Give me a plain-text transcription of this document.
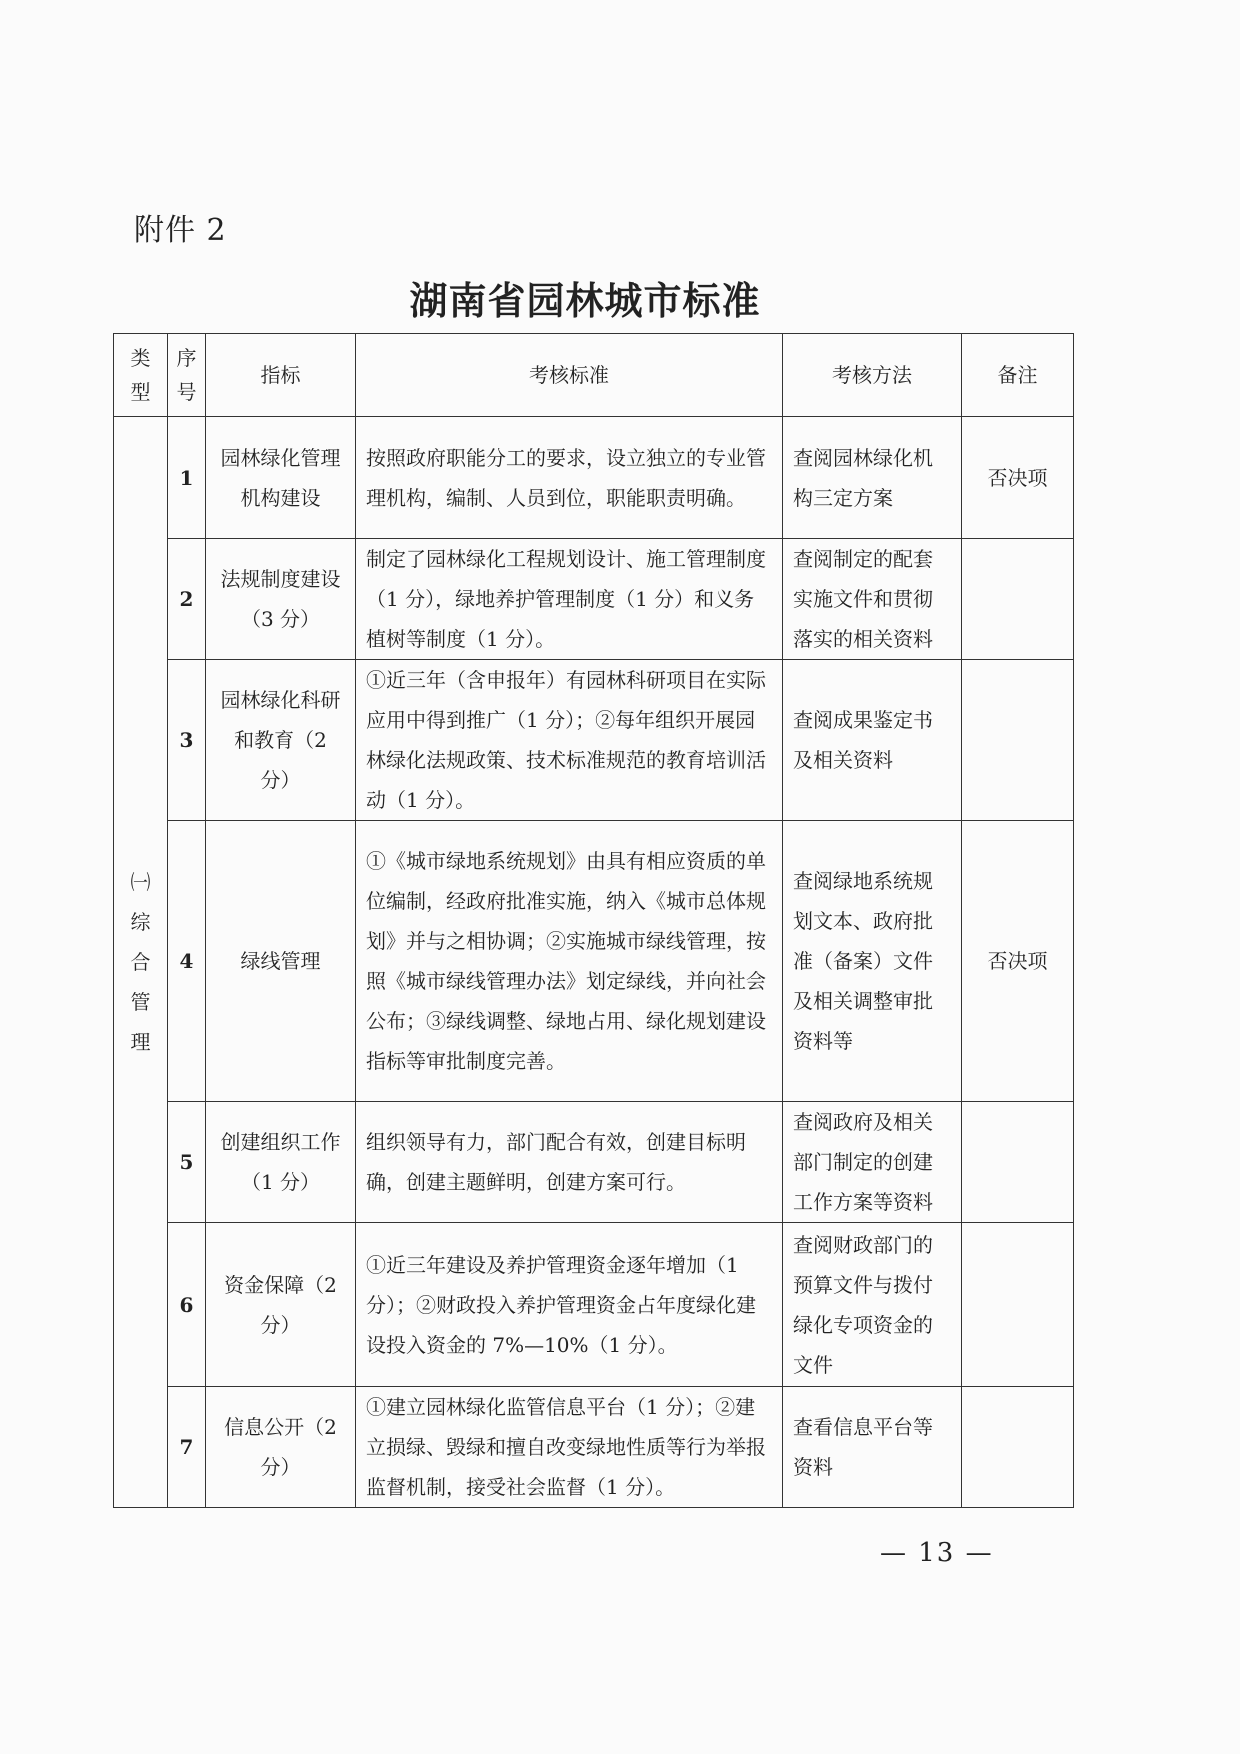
附件 2
湖南省园林城市标准
类型	序号	指标	考核标准	考核方法	备注
㈠综合管理	1	园林绿化管理机构建设	按照政府职能分工的要求，设立独立的专业管理机构，编制、人员到位，职能职责明确。	查阅园林绿化机构三定方案	否决项
	2	法规制度建设（3 分）	制定了园林绿化工程规划设计、施工管理制度（1 分），绿地养护管理制度（1 分）和义务植树等制度（1 分）。	查阅制定的配套实施文件和贯彻落实的相关资料	
	3	园林绿化科研和教育（2 分）	①近三年（含申报年）有园林科研项目在实际应用中得到推广（1 分）；②每年组织开展园林绿化法规政策、技术标准规范的教育培训活动（1 分）。	查阅成果鉴定书及相关资料	
	4	绿线管理	①《城市绿地系统规划》由具有相应资质的单位编制，经政府批准实施，纳入《城市总体规划》并与之相协调；②实施城市绿线管理，按照《城市绿线管理办法》划定绿线，并向社会公布；③绿线调整、绿地占用、绿化规划建设指标等审批制度完善。	查阅绿地系统规划文本、政府批准（备案）文件及相关调整审批资料等	否决项
	5	创建组织工作（1 分）	组织领导有力，部门配合有效，创建目标明确，创建主题鲜明，创建方案可行。	查阅政府及相关部门制定的创建工作方案等资料	
	6	资金保障（2 分）	①近三年建设及养护管理资金逐年增加（1 分）；②财政投入养护管理资金占年度绿化建设投入资金的 7%—10%（1 分）。	查阅财政部门的预算文件与拨付绿化专项资金的文件	
	7	信息公开（2 分）	①建立园林绿化监管信息平台（1 分）；②建立损绿、毁绿和擅自改变绿地性质等行为举报监督机制，接受社会监督（1 分）。	查看信息平台等资料	
— 13 —
